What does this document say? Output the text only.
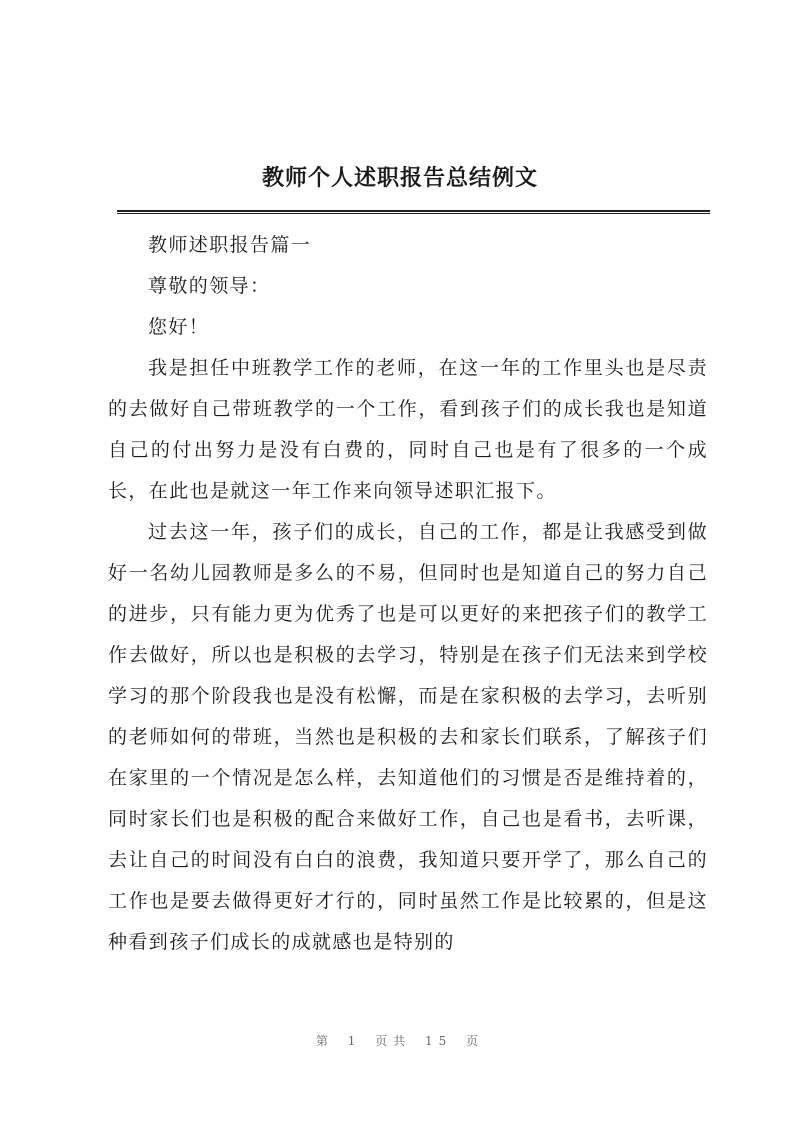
教师个人述职报告总结例文

教师述职报告篇一

尊敬的领导：

您好！

我是担任中班教学工作的老师，在这一年的工作里头也是尽责的去做好自己带班教学的一个工作，看到孩子们的成长我也是知道自己的付出努力是没有白费的，同时自己也是有了很多的一个成长，在此也是就这一年工作来向领导述职汇报下。

过去这一年，孩子们的成长，自己的工作，都是让我感受到做好一名幼儿园教师是多么的不易，但同时也是知道自己的努力自己的进步，只有能力更为优秀了也是可以更好的来把孩子们的教学工作去做好，所以也是积极的去学习，特别是在孩子们无法来到学校学习的那个阶段我也是没有松懈，而是在家积极的去学习，去听别的老师如何的带班，当然也是积极的去和家长们联系，了解孩子们在家里的一个情况是怎么样，去知道他们的习惯是否是维持着的，同时家长们也是积极的配合来做好工作，自己也是看书，去听课，去让自己的时间没有白白的浪费，我知道只要开学了，那么自己的工作也是要去做得更好才行的，同时虽然工作是比较累的，但是这种看到孩子们成长的成就感也是特别的

第 1 页共 15 页
